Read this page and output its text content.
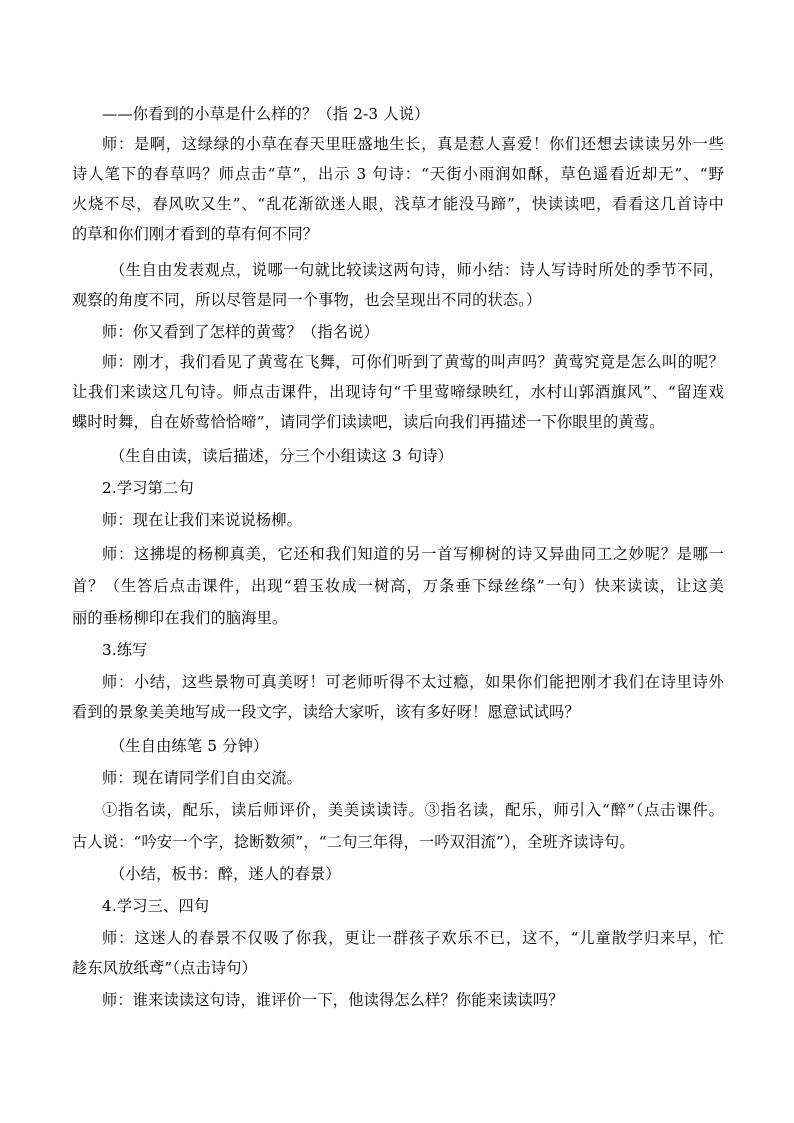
——你看到的小草是什么样的？（指 2-3 人说）
师：是啊，这绿绿的小草在春天里旺盛地生长，真是惹人喜爱！你们还想去读读另外一些
诗人笔下的春草吗？师点击“草”，出示 3 句诗：“天街小雨润如酥，草色遥看近却无”、“野
火烧不尽，春风吹又生”、“乱花渐欲迷人眼，浅草才能没马蹄”，快读读吧，看看这几首诗中
的草和你们刚才看到的草有何不同？
（生自由发表观点，说哪一句就比较读这两句诗，师小结：诗人写诗时所处的季节不同，
观察的角度不同，所以尽管是同一个事物，也会呈现出不同的状态。）
师：你又看到了怎样的黄莺？（指名说）
师：刚才，我们看见了黄莺在飞舞，可你们听到了黄莺的叫声吗？黄莺究竟是怎么叫的呢？
让我们来读这几句诗。师点击课件，出现诗句“千里莺啼绿映红，水村山郭酒旗风”、“留连戏
蝶时时舞，自在娇莺恰恰啼”，请同学们读读吧，读后向我们再描述一下你眼里的黄莺。
（生自由读，读后描述，分三个小组读这 3 句诗）
2.学习第二句
师：现在让我们来说说杨柳。
师：这拂堤的杨柳真美，它还和我们知道的另一首写柳树的诗又异曲同工之妙呢？是哪一
首？（生答后点击课件，出现“碧玉妆成一树高，万条垂下绿丝绦”一句）快来读读，让这美
丽的垂杨柳印在我们的脑海里。
3.练写
师：小结，这些景物可真美呀！可老师听得不太过瘾，如果你们能把刚才我们在诗里诗外
看到的景象美美地写成一段文字，读给大家听，该有多好呀！愿意试试吗？
（生自由练笔 5 分钟）
师：现在请同学们自由交流。
①指名读，配乐，读后师评价，美美读读诗。③指名读，配乐，师引入“醉”（点击课件。
古人说：“吟安一个字，捻断数须”，“二句三年得，一吟双泪流”），全班齐读诗句。
（小结，板书：醉，迷人的春景）
4.学习三、四句
师：这迷人的春景不仅吸了你我，更让一群孩子欢乐不已，这不，“儿童散学归来早，忙
趁东风放纸鸢”（点击诗句）
师：谁来读读这句诗，谁评价一下，他读得怎么样？你能来读读吗？
